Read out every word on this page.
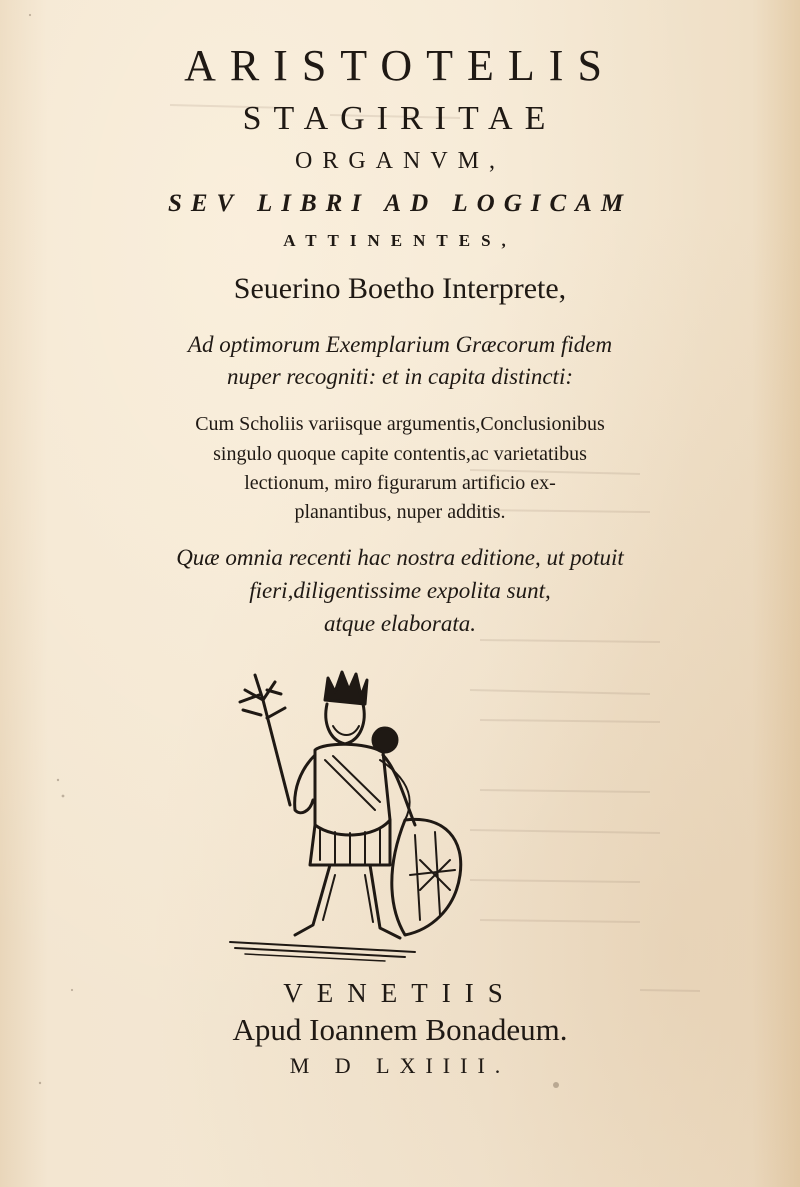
ARISTOTELIS
STAGIRITAE
ORGANVM,
SEV LIBRI AD LOGICAM
ATTINENTES,
Seuerino Boetho Interprete,
Ad optimorum Exemplarium Græcorum fidem
nuper recogniti: et in capita distincti:
Cum Scholiis variisque argumentis,Conclusionibus
singulo quoque capite contentis,ac varietatibus
lectionum, miro figurarum artificio ex-
planantibus, nuper additis.
Quæ omnia recenti hac nostra editione, ut potuit
fieri,diligentissime expolita sunt,
atque elaborata.
VENETIIS
Apud Ioannem Bonadeum.
M D LXIIII.
